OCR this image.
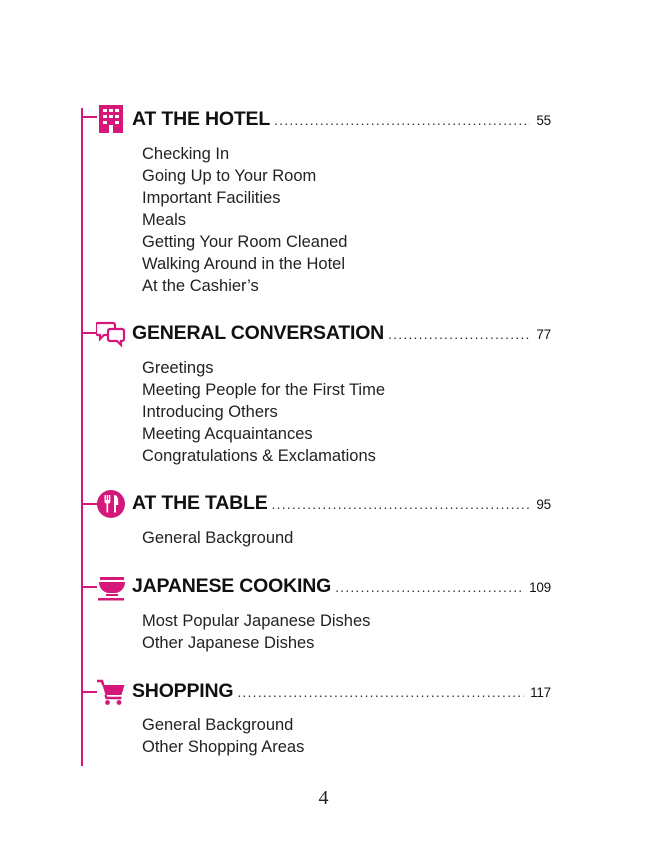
AT THE HOTEL .....	55
Checking In
Going Up to Your Room
Important Facilities
Meals
Getting Your Room Cleaned
Walking Around in the Hotel
At the Cashier’s
GENERAL CONVERSATION .....	77
Greetings
Meeting People for the First Time
Introducing Others
Meeting Acquaintances
Congratulations & Exclamations
AT THE TABLE .....	95
General Background
JAPANESE COOKING .....	109
Most Popular Japanese Dishes
Other Japanese Dishes
SHOPPING .....	117
General Background
Other Shopping Areas
4
